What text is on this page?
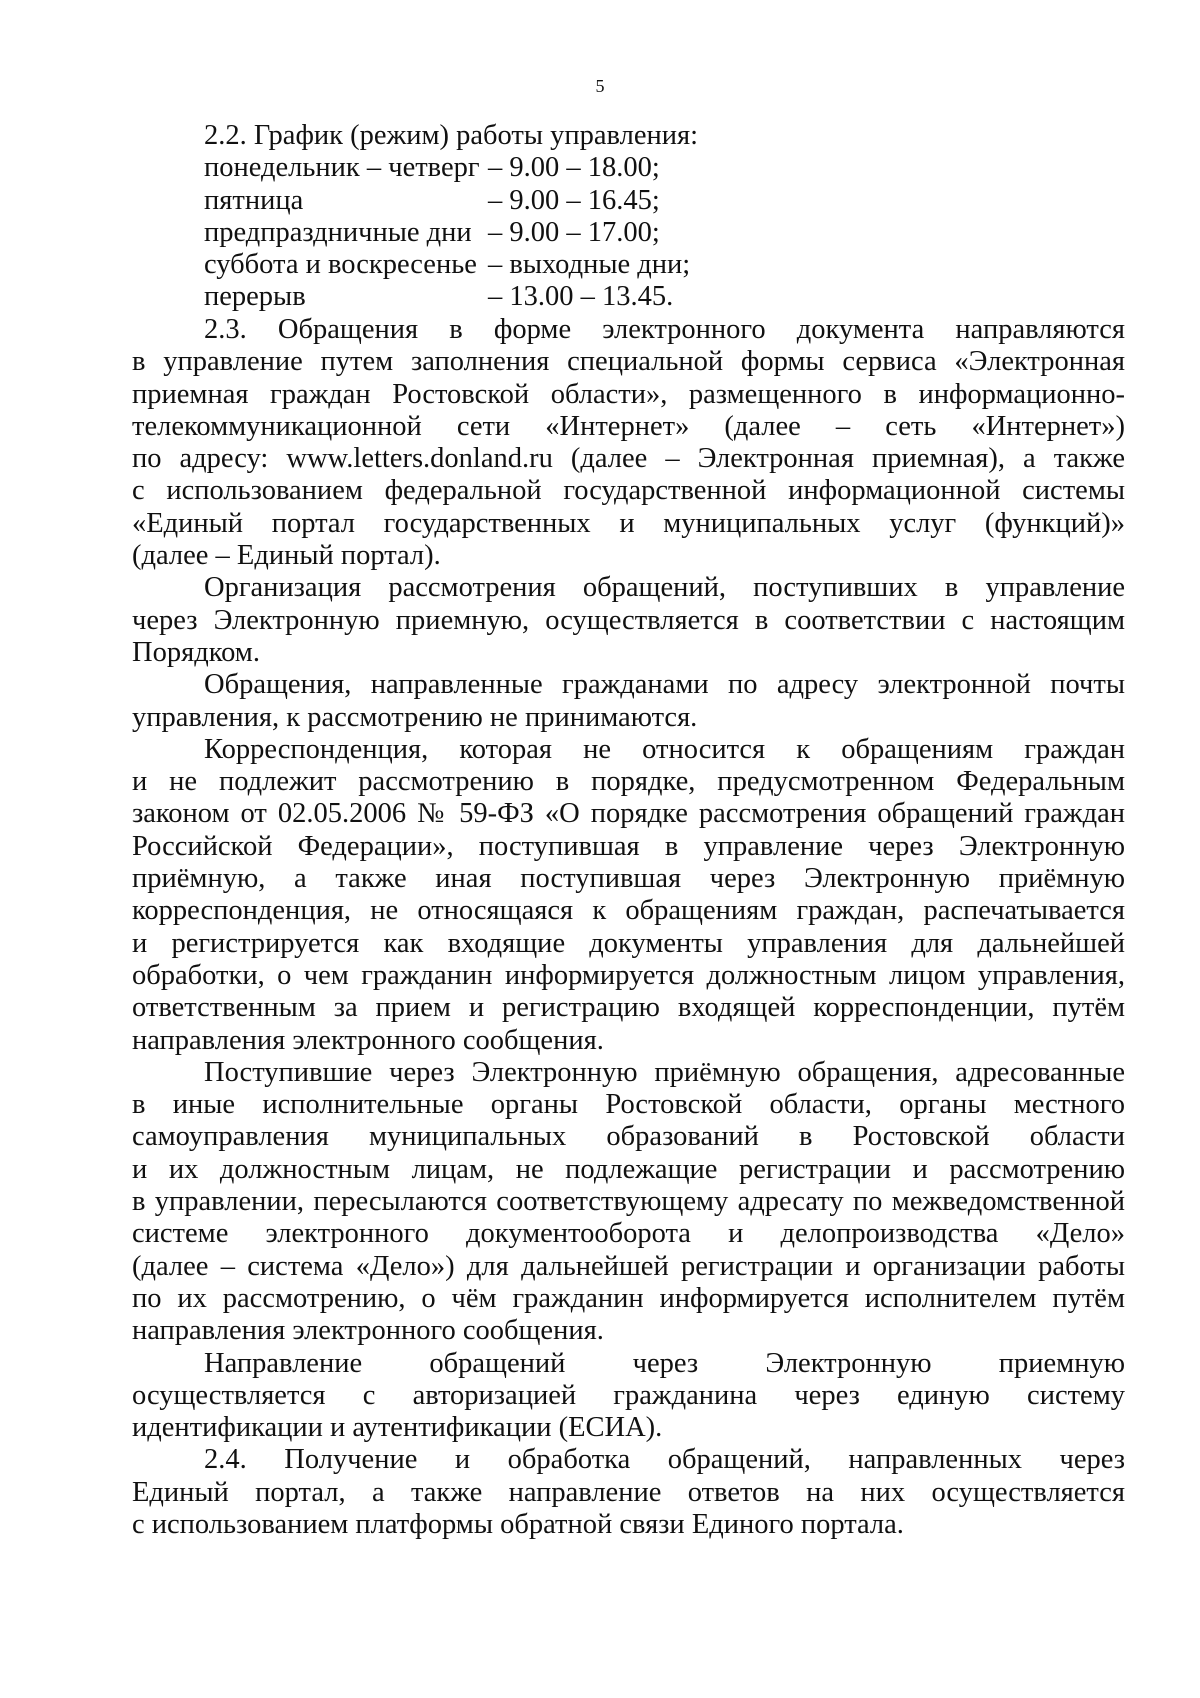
5
2.2. График (режим) работы управления:
понедельник – четверг – 9.00 – 18.00;
пятница	– 9.00 – 16.45;
предпраздничные дни – 9.00 – 17.00;
суббота и воскресенье – выходные дни;
перерыв	– 13.00 – 13.45.
2.3. Обращения в форме электронного документа направляются
в управление путем заполнения специальной формы сервиса «Электронная
приемная граждан Ростовской области», размещенного в информационно-
телекоммуникационной сети «Интернет» (далее – сеть «Интернет»)
по адресу: www.letters.donland.ru (далее – Электронная приемная), а также
с использованием федеральной государственной информационной системы
«Единый портал государственных и муниципальных услуг (функций)»
(далее – Единый портал).
Организация рассмотрения обращений, поступивших в управление
через Электронную приемную, осуществляется в соответствии с настоящим
Порядком.
Обращения, направленные гражданами по адресу электронной почты
управления, к рассмотрению не принимаются.
Корреспонденция, которая не относится к обращениям граждан
и не подлежит рассмотрению в порядке, предусмотренном Федеральным
законом от 02.05.2006 № 59-ФЗ «О порядке рассмотрения обращений граждан
Российской Федерации», поступившая в управление через Электронную
приёмную, а также иная поступившая через Электронную приёмную
корреспонденция, не относящаяся к обращениям граждан, распечатывается
и регистрируется как входящие документы управления для дальнейшей
обработки, о чем гражданин информируется должностным лицом управления,
ответственным за прием и регистрацию входящей корреспонденции, путём
направления электронного сообщения.
Поступившие через Электронную приёмную обращения, адресованные
в иные исполнительные органы Ростовской области, органы местного
самоуправления муниципальных образований в Ростовской области
и их должностным лицам, не подлежащие регистрации и рассмотрению
в управлении, пересылаются соответствующему адресату по межведомственной
системе электронного документооборота и делопроизводства «Дело»
(далее – система «Дело») для дальнейшей регистрации и организации работы
по их рассмотрению, о чём гражданин информируется исполнителем путём
направления электронного сообщения.
Направление обращений через Электронную приемную
осуществляется с авторизацией гражданина через единую систему
идентификации и аутентификации (ЕСИА).
2.4. Получение и обработка обращений, направленных через
Единый портал, а также направление ответов на них осуществляется
с использованием платформы обратной связи Единого портала.
